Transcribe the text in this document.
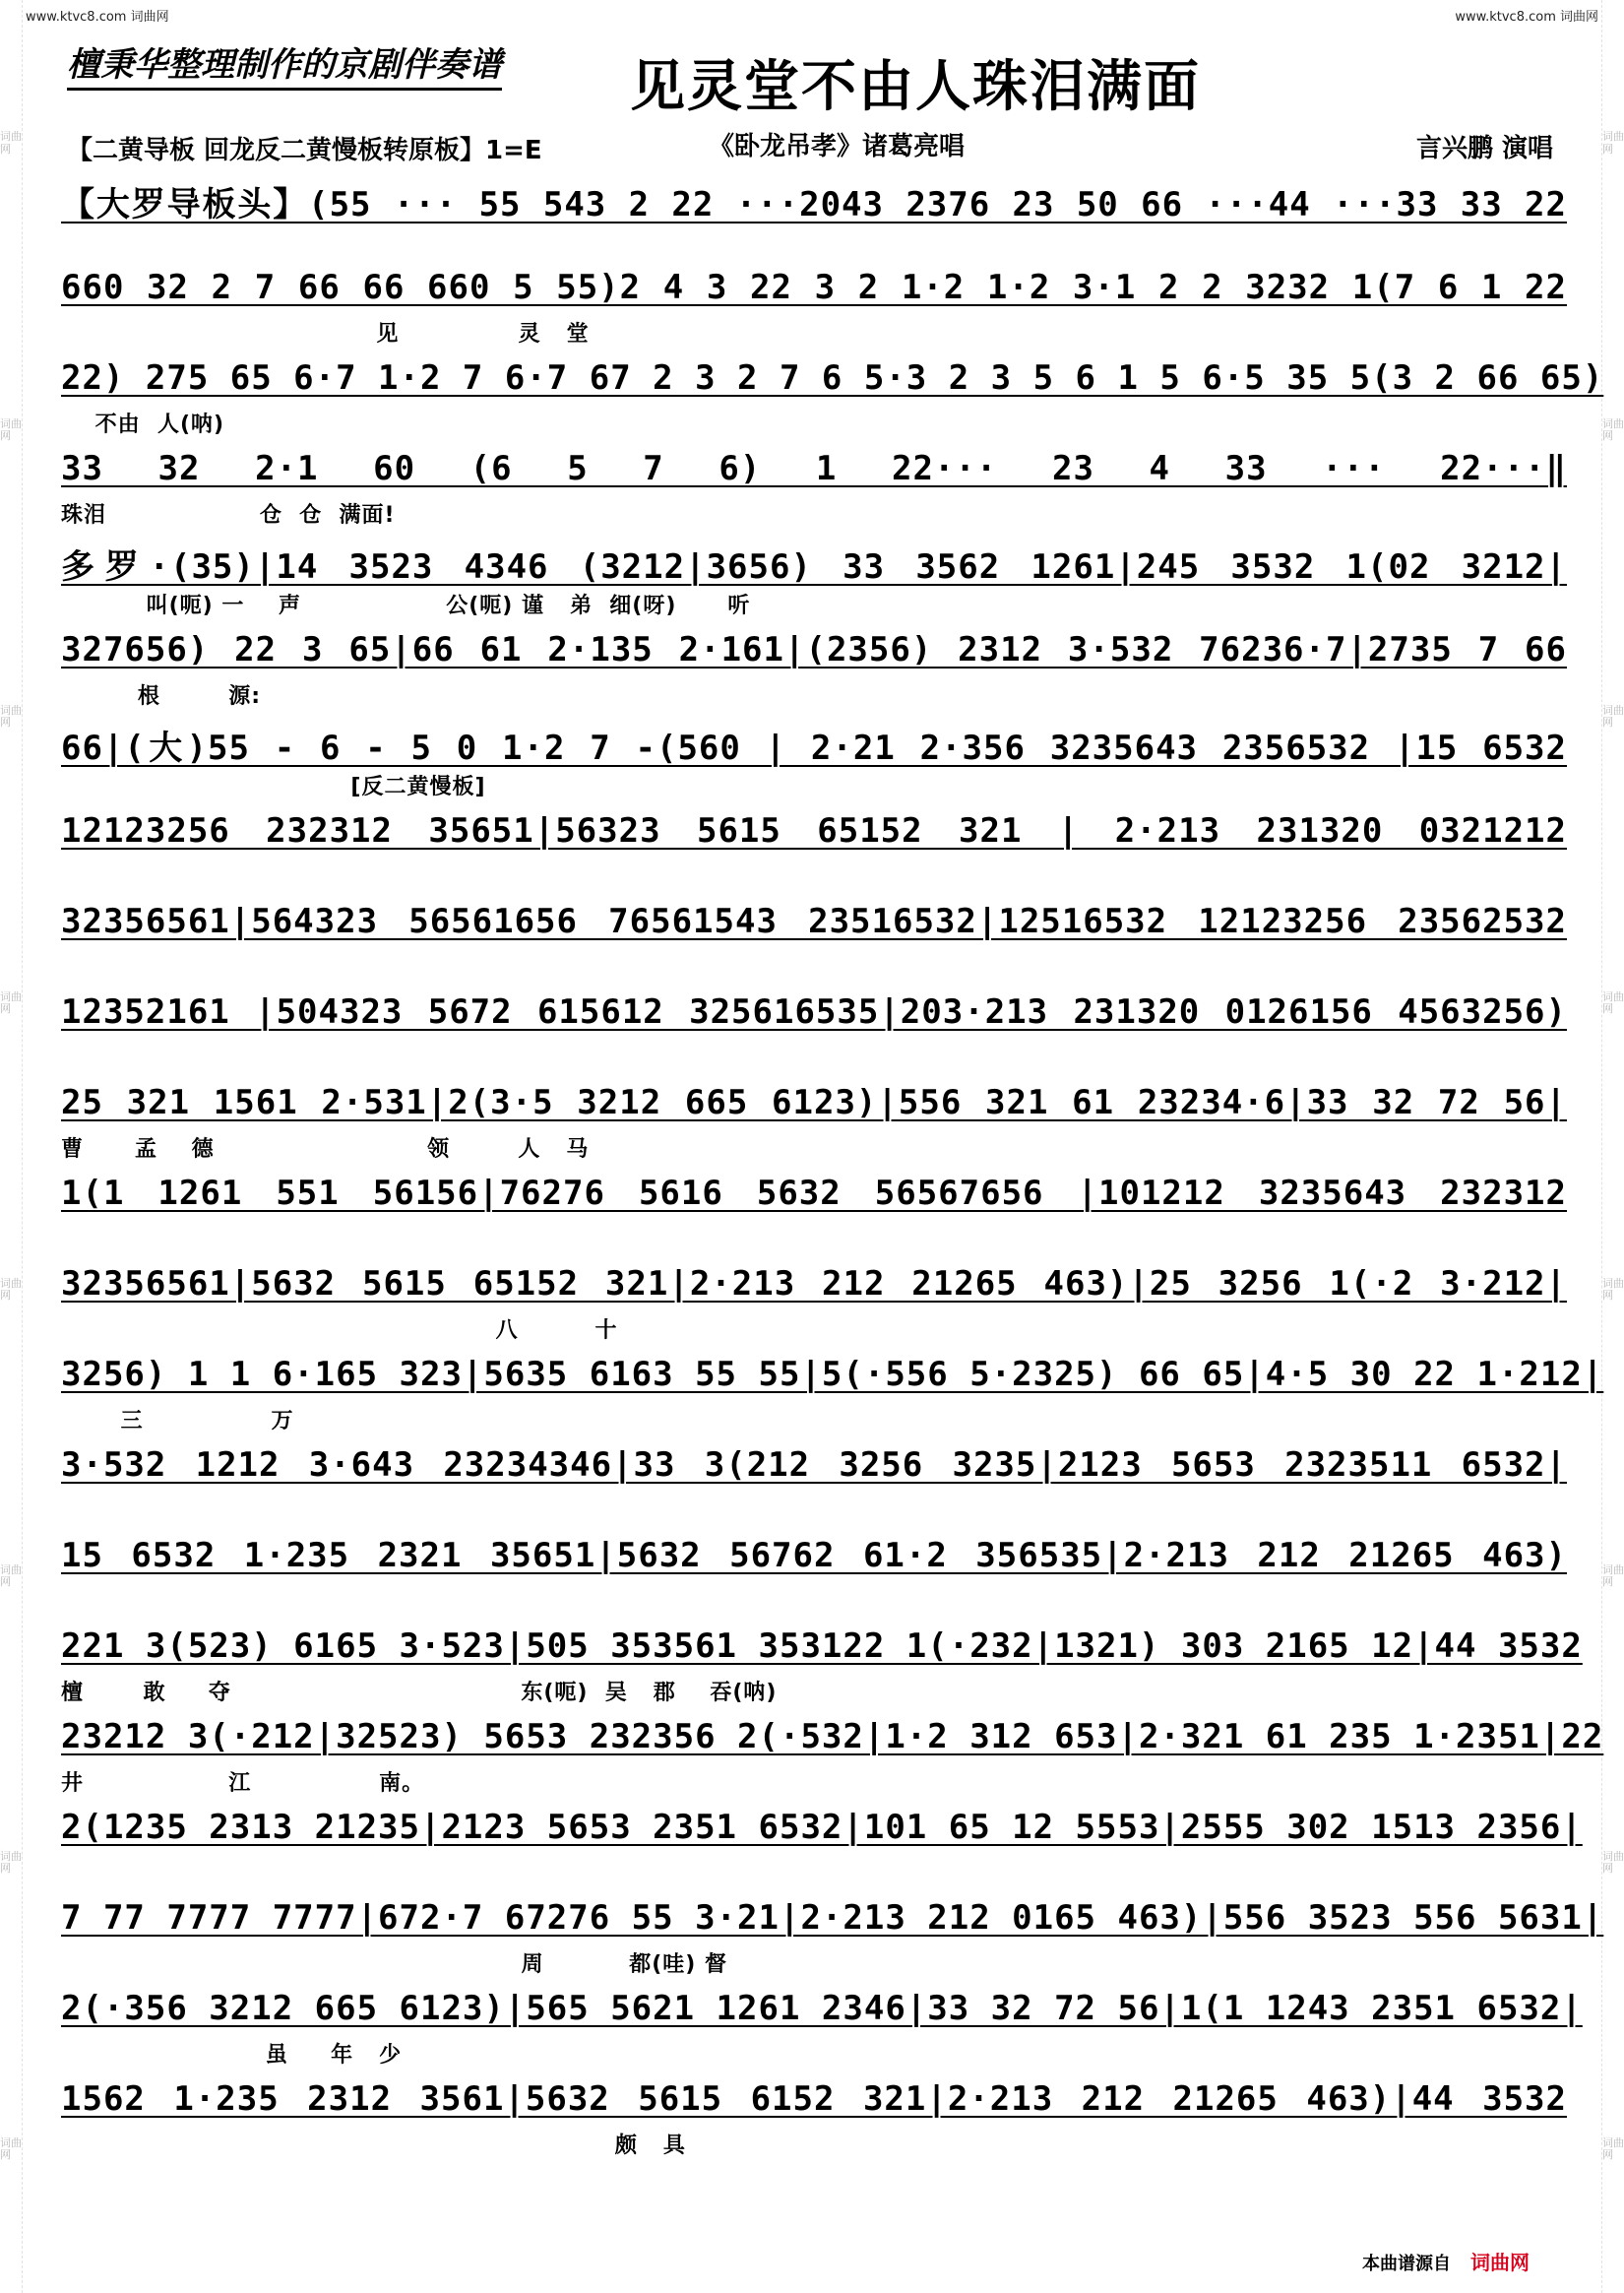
词曲网
词曲网
词曲网
词曲网
词曲网
词曲网
词曲网
词曲网
词曲网
词曲网
词曲网
词曲网
词曲网
词曲网
词曲网
词曲网
www.ktvc8.com 词曲网	www.ktvc8.com 词曲网
檀秉华整理制作的京剧伴奏谱 见灵堂不由人珠泪满面
【二黄导板 回龙反二黄慢板转原板】1=E	《卧龙吊孝》诸葛亮唱	言兴鹏 演唱
【大罗导板头】(55 ··· 55 543 2 22 ···2043 2376 23 50 66 ···44 ···33 33 22
660 32 2 7 66 66 660 5 55)2 4 3 22 3 2 1·2 1·2 3·1 2 2 3232 1(7 6 1 22
见              灵   堂
22) 275 65 6·7 1·2 7 6·7 67 2 3 2 7 6 5·3 2 3 5 6 1 5 6·5 35 5(3 2 66 65)
不由  人(呐)
33 32 2·1 60 (6 5 7 6) 1 22··· 23 4 33 ··· 22···‖
珠泪                  仓  仓  满面!
多罗·(35)|14 3523 4346 (3212|3656) 33 3562 1261|245 3532 1(02 3212|
叫(呃) 一    声                 公(呃) 谨   弟  细(呀)      听
327656) 22 3 65|66 61 2·135 2·161|(2356) 2312 3·532 76236·7|2735 7 66
根        源:
66|(大)55 - 6 - 5 0 1·2 7 -(560 | 2·21 2·356 3235643 2356532 |15 6532
[反二黄慢板]
12123256 232312 35651|56323 5615 65152 321 | 2·213 231320 0321212
32356561|564323 56561656 76561543 23516532|12516532 12123256 23562532
12352161 |504323 5672 615612 325616535|203·213 231320 0126156 4563256)
25 321 1561 2·531|2(3·5 3212 665 6123)|556 321 61 23234·6|33 32 72 56|
曹      孟    德                         领        人   马
1(1 1261 551 56156|76276 5616 5632 56567656 |101212 3235643 232312
32356561|5632 5615 65152 321|2·213 212 21265 463)|25 3256 1(·2 3·212|
八         十
3256) 1 1 6·165 323|5635 6163 55 55|5(·556 5·2325) 66 65|4·5 30 22 1·212|
三               万
3·532 1212 3·643 23234346|33 3(212 3256 3235|2123 5653 2323511 6532|
15 6532 1·235 2321 35651|5632 56762 61·2 356535|2·213 212 21265 463)
221 3(523) 6165 3·523|505 353561 353122 1(·232|1321) 303 2165 12|44 3532
檀       敢     夺                                  东(呃)  吴   郡    吞(呐)
23212 3(·212|32523) 5653 232356 2(·532|1·2 312 653|2·321 61 235 1·2351|22
井                 江               南。
2(1235 2313 21235|2123 5653 2351 6532|101 65 12 5553|2555 302 1513 2356|
7 77 7777 7777|672·7 67276 55 3·21|2·213 212 0165 463)|556 3523 556 5631|
周          都(哇) 督
2(·356 3212 665 6123)|565 5621 1261 2346|33 32 72 56|1(1 1243 2351 6532|
虽     年   少
1562 1·235 2312 3561|5632 5615 6152 321|2·213 212 21265 463)|44 3532
颇   具
本曲谱源自 词曲网
